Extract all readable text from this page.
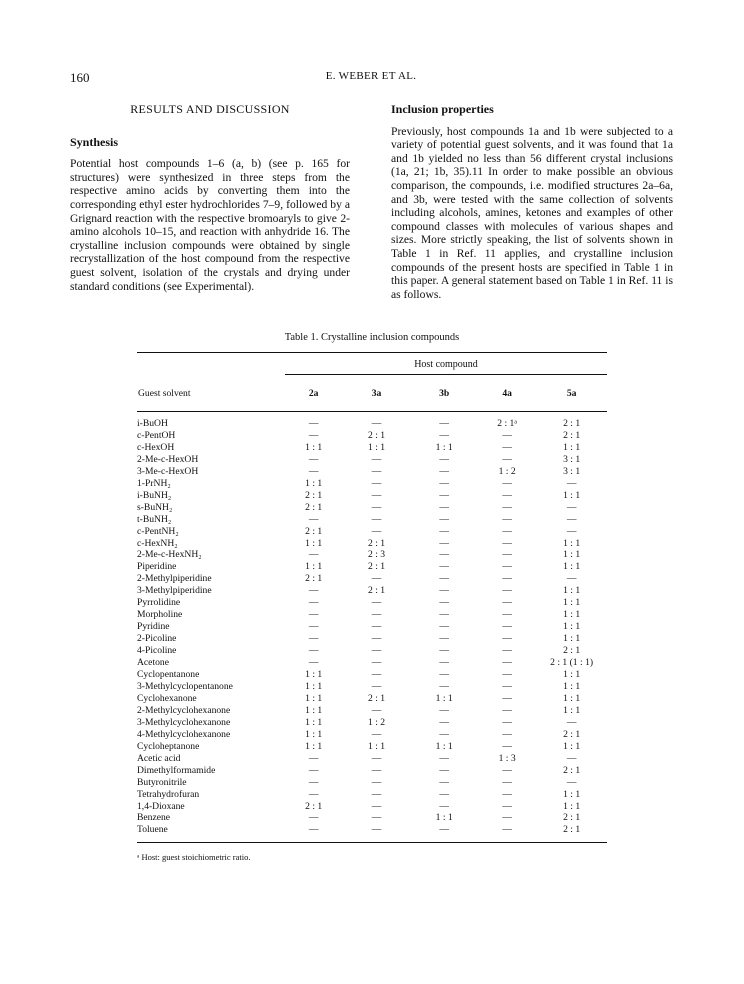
160	E. WEBER ET AL.
RESULTS AND DISCUSSION
Synthesis

Potential host compounds 1–6 (a, b) (see p. 165 for structures) were synthesized in three steps from the respective amino acids by converting them into the corresponding ethyl ester hydrochlorides 7–9, followed by a Grignard reaction with the respective bromoaryls to give 2-amino alcohols 10–15, and reaction with anhydride 16. The crystalline inclusion compounds were obtained by single recrystallization of the host compound from the respective guest solvent, isolation of the crystals and drying under standard conditions (see Experimental).

Inclusion properties

Previously, host compounds 1a and 1b were subjected to a variety of potential guest solvents, and it was found that 1a and 1b yielded no less than 56 different crystal inclusions (1a, 21; 1b, 35).11 In order to make possible an obvious comparison, the compounds, i.e. modified structures 2a–6a, and 3b, were tested with the same collection of solvents including alcohols, amines, ketones and examples of other compound classes with molecules of various shapes and sizes. More strictly speaking, the list of solvents shown in Table 1 in Ref. 11 applies, and crystalline inclusion compounds of the present hosts are specified in Table 1 in this paper. A general statement based on Table 1 in Ref. 11 is as follows.

Table 1. Crystalline inclusion compounds
Host compound
Guest solvent	2a	3a	3b	4a	5a
i-BuOH	—	—	—	2 : 1ᵃ	2 : 1
c-PentOH	—	2 : 1	—	—	2 : 1
c-HexOH	1 : 1	1 : 1	1 : 1	—	1 : 1
2-Me-c-HexOH	—	—	—	—	3 : 1
3-Me-c-HexOH	—	—	—	1 : 2	3 : 1
1-PrNH₂	1 : 1	—	—	—	—
i-BuNH₂	2 : 1	—	—	—	1 : 1
s-BuNH₂	2 : 1	—	—	—	—
t-BuNH₂	—	—	—	—	—
c-PentNH₂	2 : 1	—	—	—	—
c-HexNH₂	1 : 1	2 : 1	—	—	1 : 1
2-Me-c-HexNH₂	—	2 : 3	—	—	1 : 1
Piperidine	1 : 1	2 : 1	—	—	1 : 1
2-Methylpiperidine	2 : 1	—	—	—	—
3-Methylpiperidine	—	2 : 1	—	—	1 : 1
Pyrrolidine	—	—	—	—	1 : 1
Morpholine	—	—	—	—	1 : 1
Pyridine	—	—	—	—	1 : 1
2-Picoline	—	—	—	—	1 : 1
4-Picoline	—	—	—	—	2 : 1
Acetone	—	—	—	—	2 : 1 (1 : 1)
Cyclopentanone	1 : 1	—	—	—	1 : 1
3-Methylcyclopentanone	1 : 1	—	—	—	1 : 1
Cyclohexanone	1 : 1	2 : 1	1 : 1	—	1 : 1
2-Methylcyclohexanone	1 : 1	—	—	—	1 : 1
3-Methylcyclohexanone	1 : 1	1 : 2	—	—	—
4-Methylcyclohexanone	1 : 1	—	—	—	2 : 1
Cycloheptanone	1 : 1	1 : 1	1 : 1	—	1 : 1
Acetic acid	—	—	—	1 : 3	—
Dimethylformamide	—	—	—	—	2 : 1
Butyronitrile	—	—	—	—	—
Tetrahydrofuran	—	—	—	—	1 : 1
1,4-Dioxane	2 : 1	—	—	—	1 : 1
Benzene	—	—	1 : 1	—	2 : 1
Toluene	—	—	—	—	2 : 1
ᵃ Host: guest stoichiometric ratio.
